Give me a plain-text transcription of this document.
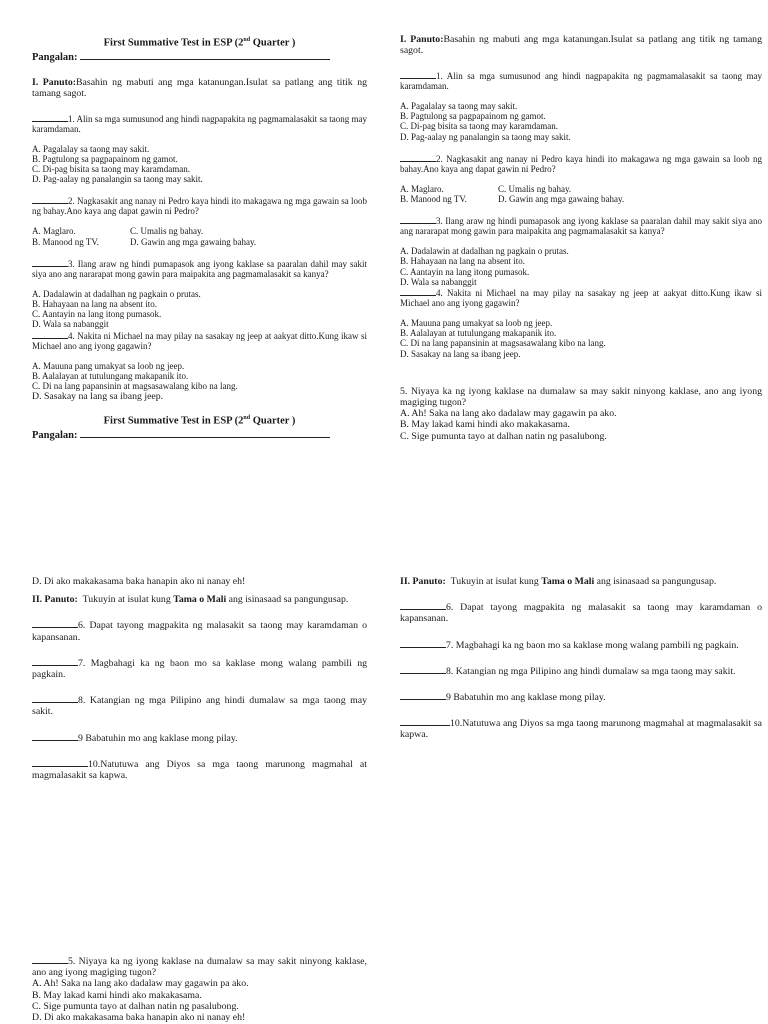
First Summative Test in ESP (2nd Quarter )
Pangalan:
I. Panuto:Basahin ng mabuti ang mga katanungan.Isulat sa patlang ang titik ng tamang sagot.
1. Alin sa mga sumusunod ang hindi nagpapakita ng pagmamalasakit sa taong may karamdaman.
A. Pagalalay sa taong may sakit.
B. Pagtulong sa pagpapainom ng gamot.
C. Di-pag bisita sa taong may karamdaman.
D. Pag-aalay ng panalangin sa taong may sakit.
2. Nagkasakit ang nanay ni Pedro kaya hindi ito makagawa ng mga gawain sa loob ng bahay.Ano kaya ang dapat gawin ni Pedro?
A. Maglaro.	C. Umalis ng bahay.
B. Manood ng TV.	D. Gawin ang mga gawaing bahay.
3. Ilang araw ng hindi pumapasok ang iyong kaklase sa paaralan dahil may sakit siya ano ang nararapat mong gawin para maipakita ang pagmamalasakit sa kanya?
A. Dadalawin at dadalhan ng pagkain o prutas.
B. Hahayaan na lang na absent ito.
C. Aantayin na lang itong pumasok.
D. Wala sa nabanggit
4. Nakita ni Michael na may pilay na sasakay ng jeep at aakyat ditto.Kung ikaw si Michael ano ang iyong gagawin?
A. Mauuna pang umakyat sa loob ng jeep.
B. Aalalayan at tutulungang makapanik ito.
C. Di na lang papansinin at magsasawalang kibo na lang.
D. Sasakay na lang sa ibang jeep.
First Summative Test in ESP (2nd Quarter )
Pangalan:
I. Panuto:Basahin ng mabuti ang mga katanungan.Isulat sa patlang ang titik ng tamang sagot.
1. Alin sa mga sumusunod ang hindi nagpapakita ng pagmamalasakit sa taong may karamdaman.
A. Pagalalay sa taong may sakit.
B. Pagtulong sa pagpapainom ng gamot.
C. Di-pag bisita sa taong may karamdaman.
D. Pag-aalay ng panalangin sa taong may sakit.
2. Nagkasakit ang nanay ni Pedro kaya hindi ito makagawa ng mga gawain sa loob ng bahay.Ano kaya ang dapat gawin ni Pedro?
A. Maglaro.	C. Umalis ng bahay.
B. Manood ng TV.	D. Gawin ang mga gawaing bahay.
3. Ilang araw ng hindi pumapasok ang iyong kaklase sa paaralan dahil may sakit siya ano ang nararapat mong gawin para maipakita ang pagmamalasakit sa kanya?
A. Dadalawin at dadalhan ng pagkain o prutas.
B. Hahayaan na lang na absent ito.
C. Aantayin na lang itong pumasok.
D. Wala sa nabanggit
4. Nakita ni Michael na may pilay na sasakay ng jeep at aakyat ditto.Kung ikaw si Michael ano ang iyong gagawin?
A. Mauuna pang umakyat sa loob ng jeep.
B. Aalalayan at tutulungang makapanik ito.
C. Di na lang papansinin at magsasawalang kibo na lang.
D. Sasakay na lang sa ibang jeep.
5. Niyaya ka ng iyong kaklase na dumalaw sa may sakit ninyong kaklase, ano ang iyong magiging tugon?
A. Ah! Saka na lang ako dadalaw may gagawin pa ako.
B. May lakad kami hindi ako makakasama.
C. Sige pumunta tayo at dalhan natin ng pasalubong.
D. Di ako makakasama baka hanapin ako ni nanay eh!
II. Panuto: Tukuyin at isulat kung Tama o Mali ang isinasaad sa pangungusap.
6. Dapat tayong magpakita ng malasakit sa taong may karamdaman o kapansanan.
7. Magbahagi ka ng baon mo sa kaklase mong walang pambili ng pagkain.
8. Katangian ng mga Pilipino ang hindi dumalaw sa mga taong may sakit.
9 Babatuhin mo ang kaklase mong pilay.
10.Natutuwa ang Diyos sa mga taong marunong magmahal at magmalasakit sa kapwa.
5. Niyaya ka ng iyong kaklase na dumalaw sa may sakit ninyong kaklase, ano ang iyong magiging tugon?
A. Ah! Saka na lang ako dadalaw may gagawin pa ako.
B. May lakad kami hindi ako makakasama.
C. Sige pumunta tayo at dalhan natin ng pasalubong.
D. Di ako makakasama baka hanapin ako ni nanay eh!
II. Panuto: Tukuyin at isulat kung Tama o Mali ang isinasaad sa pangungusap.
6. Dapat tayong magpakita ng malasakit sa taong may karamdaman o kapansanan.
7. Magbahagi ka ng baon mo sa kaklase mong walang pambili ng pagkain.
8. Katangian ng mga Pilipino ang hindi dumalaw sa mga taong may sakit.
9 Babatuhin mo ang kaklase mong pilay.
10.Natutuwa ang Diyos sa mga taong marunong magmahal at magmalasakit sa kapwa.
